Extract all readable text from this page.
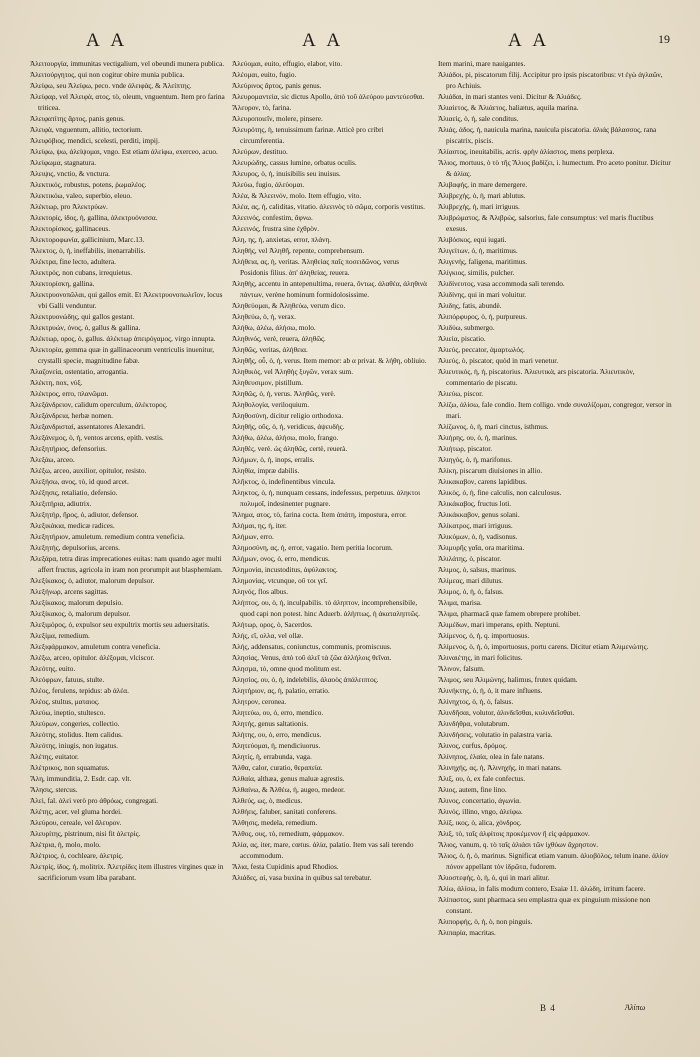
A A	A A	A A	19

Ἀλειτουργία, immunitas vectigalium, vel obeundi munera publica.

Ἀλειτούργητος, qui non cogitur obire munia publica.

Ἀλείφω, seu Ἀλείφω, peco. vnde ἀλειφὰς, & Ἀλείπτης.

Ἀλείφαρ, vel Ἀλειφὰ, ατος, τὸ, oleum, vnguentum. Item pro farina triticea.

Ἀλειφατίτης ἄρτος, panis genus.

Ἀλειφὰ, vnguentum, allitio, tectorium.

Ἀλειφόβιος, mendici, scelesti, perditi, impij.

Ἀλείφω, ψω, ἀλείψομαι, vngo. Est etiam ἀλείφω, exerceo, acuo.

Ἀλείφωμα, stagnatura.

Ἀλειψις, vnctio, & vnctura.

Ἀλεκτικός, robustus, potens, ῥωμαλέος.

Ἀλεκτικόω, valeo, superbio, eleuo.

Ἀλέκτωρ, pro Ἀλεκτρύων.

Ἀλεκτορίς, ίδος, ἡ, gallina, ἀλεκτρυόνισσα.

Ἀλεκτορίσκος, gallinaceus.

Ἀλεκτοροφωνία, gallicinium, Marc.13.

Ἄλεκτος, ὁ, ἡ, ineffabilis, inenarrabilis.

Ἀλέκτρα, fine lecto, adultera.

Ἀλεκτρός, non cubans, irrequietus.

Ἀλεκτορίσκη, gallina.

Ἀλεκτρυονοπῶλαι, qui gallos emit. Et Ἀλεκτρυονοπωλεῖον, locus vbi Galli venduntur.

Ἀλεκτρυονώδης, qui gallos gestant.

Ἀλεκτρυών, όνος, ὁ, gallus & gallina.

Ἀλέκτωρ, ορος, ὁ, gallus. ἀλέκτωρ ἀπειρόγαμος, virgo innupta.

Ἀλεκτορία, gemma quæ in gallinaceorum ventriculis inuenitur, crystalli specie, magnitudine fabæ.

Ἀλαζονεία, ostentatio, arrogantia.

Ἀλέκτη, nox, νύξ.

Ἀλέκτρος, erro, πλανῶμαι.

Ἀλεξάνδρειον, calidum operculum, ἀλέκτορος.

Ἀλεξάνδρεια, herbæ nomen.

Ἀλεξανδρισταί, assentatores Alexandri.

Ἀλεξάνεμος, ὁ, ἡ, ventos arcens, epith. vestis.

Ἀλεξητήριος, defensorius.

Ἀλεξάω, arceo.

Ἀλέξω, arceo, auxilior, opitulor, resisto.

Ἀλεξήσω, ανος, τὸ, id quod arcet.

Ἀλέξησις, retaliatio, defensio.

Ἀλεξιτήρια, adiutrix.

Ἀλεξητήρ, ῆρος, ὁ, adiutor, defensor.

Ἀλεξικάκια, medicæ radices.

Ἀλεξητήριον, amuletum. remedium contra veneficia.

Ἀλεξητής, depulsorius, arcens.

Ἀλεξάρα, tetra diras imprecationes euitas: nam quando ager multi affert fructus, agricola in iram non prorumpit aut blasphemiam.

Ἀλεξίκακος, ὁ, adiutor, malorum depulsor.

Ἀλεξήνωρ, arcens sagittas.

Ἀλεξίκακος, malorum depulsio.

Ἀλεξίκακος, ὁ, malorum depulsor.

Ἀλεξιμόρος, ὁ, expulsor seu expultrix mortis seu aduersitatis.

Ἀλεξίμα, remedium.

Ἀλεξιφάρμακον, amuletum contra veneficia.

Ἀλέξω, arceo, opitulor. ἀλέξομαι, vlciscor.

Ἀλεότης, euito.

Ἀλεόφρων, fatuus, stulte.

Ἀλέος, ferulens, tepidus: ab ἀλέα.

Ἀλέος, stultus, ματαιος.

Ἀλεύω, ineptio, stultesco.

Ἀλεύρων, congeries, collectio.

Ἀλεότης, stolidus. Item calidus.

Ἀλεότης, iniugis, non iugatus.

Ἀλέτης, euitator.

Ἀλέτρικος, non squamatus.

Ἄλη, immunditia, 2. Esdr. cap. vlt.

Ἄλησις, stercus.

Ἀλεὶ, fal. ἀλεὶ verò pro ἀθρόως, congregati.

Ἀλέτης, acer, vel gluma hordei.

Ἀλεύρου, cereale, vel ἄλευρον.

Ἀλευρίτης, pistrinum, nisi fit ἀλετρίς.

Ἀλέτρια, ἡ, molo, molo.

Ἀλέτριος, ὁ, cochleare, ἀλετρίς.

Ἀλετρίς, ίδος, ἡ, molitrix. Ἀλετρίδες item illustres virgines quæ in sacrificiorum vsum liba parabant.

Ἀλεύομαι, euito, effugio, elabor, vito.

Ἀλέομαι, euito, fugio.

Ἀλεύρινος ἄρτος, panis genus.

Ἀλευρομαντεία, sic dictus Apollo, ἀπὸ τοῦ ἀλεύρου μαντεύεσθαι.

Ἄλευρον, τὸ, farina.

Ἀλευροποιεῖν, molere, pinsere.

Ἀλευρότης, ἡ, tenuissimum farinæ. Atticè pro cribri circumferentia.

Ἀλεύρων, destituo.

Ἀλευρώδης, cassus lumine, orbatus oculis.

Ἀλευρος, ὁ, ἡ, inuisibilis seu inuisus.

Ἀλεύω, fugio, ἀλεύομαι.

Ἀλέα, & Ἀλεεινόν, molo. Item effugio, vito.

Ἀλέα, ας, ἡ, caliditas, vitatio. ἀλεεινὸς τὸ σῶμα, corporis vestitus.

Ἀλεεινός, confestim, ἄφνω.

Ἀλεεινός, frustra sine ἐχθρὸν.

Ἀλη, ης, ἡ, anxietas, error, πλάνη.

Ἀληθής, vel Ἀληθῆ, repente, comprehensum.

Ἀλήθεια, ας, ἡ, veritas. Ἀληθείας παῖς ποσειδῶνος, verus Posidonis filius. ἀπ' ἀληθείας, reuera.

Ἀληθὴς, accentu in antepenultima, reuera, ὄντως. ἀλαθέα, ἀληθινὰ πάντων, verène hominum formidolosissime.

Ἀληθεύομαι, & Ἀληθεύω, verum dico.

Ἀληθεύω, ὁ, ἡ, verax.

Ἀλήθω, ἀλέω, ἀλήσω, molo.

Ἀληθινός, verè, reuera, ἀληθῶς.

Ἀληθῶς, veritas, ἀλήθεια.

Ἀληθῆς, οὖ, ὁ, ἡ, verus. Item memor: ab α privat. & λήθη, obliuio.

Ἀληθικὸς, vel Ἀληθὴς ξυγῶν, verax sum.

Ἀληθευσιμον, pistillum.

Ἀληθῶς, ὁ, ἡ, verus. Ἀληθῶς, verè.

Ἀληθολογία, veriloquium.

Ἀληθοσύνη, dicitur religio orthodoxa.

Ἀληθής, οῦς, ὁ, ἡ, veridicus, ἀψευδὴς.

Ἀλήθω, ἀλέω, ἀλήσω, molo, frango.

Ἀληθὲς, verè. ὡς ἀληθῶς, certè, reuerà.

Ἀλήμων, ὁ, ἡ, inops, erralis.

Ἀληθία, impræ dabilis.

Ἀλῆκτος, ὁ, indefinentibus vincula.

Ἀληκτος, ὁ, ἡ, nunquam cessans, indefessus, perpetuus. ἀληκτοι πολυμοῖ, indesinenter pugnare.

Ἄλημα, ατος, τὸ, farina cocta. Item ἀπάτη, impostura, error.

Ἀλήμαι, ης, ἡ, iter.

Ἀλήμων, erro.

Ἀλημοσύνη, ας, ἡ, error, vagatio. Item peritia locorum.

Ἀλήμων, ονος, ὁ, erro, mendicus.

Ἀλημονία, incustoditus, ἀφύλακτος.

Ἀλημονίας, vtcunque, οὔ τοι γεῖ.

Ἀληνός, flos albus.

Ἀλήπτος, ου, ὁ, ἡ, inculpabilis. τὸ ἀληπτον, incomprehensibile, quod capi non potest. hinc Aduerb. ἀλήπτως, ἡ ἀκαταληπτῶς.

Ἀλήτωρ, ορος, ὁ, Sacerdos.

Ἀλής, εῖ, ολλα, vel ollæ.

Ἀλής, addensatus, coniunctus, communis, promiscuus.

Ἀλησίας, Venus, ἀπὸ τοῦ ἀλεῖ τὰ ζῶα ἀλλήλοις θεῖναι.

Ἀλησμα, τὸ, omne quod molitum est.

Ἀλησίος, ου, ὁ, ἡ, indelebilis, ἀλαοὸς ἀπάλειπτος.

Ἀλητήριον, ας, ἡ, palatio, erratio.

Ἀλητρον, ceronea.

Ἀλητεύω, ου, ὁ, erro, mendico.

Ἀλητής, genus saltationis.

Ἀλήτης, ου, ὁ, erro, mendicus.

Ἀλητεύομαι, ἡ, mendiciuorus.

Ἀλητίς, ἡ, errabunda, vaga.

Ἄλθα, calor, curatio, θεραπεία.

Ἀλθαία, althæa, genus maluæ agrestis.

Ἀλθαίνω, & Ἀλθέω, ἡ, augeo, medeor.

Ἀλθεύς, ως, ὁ, medicus.

Ἀλθήεις, faluber, sanitati conferens.

Ἄλθησις, medela, remedium.

Ἄλθος, ους, τὸ, remedium, φάρμακον.

Ἀλία, ας, iter, mare, cœtus. ἀλία, palatio. Item vas sali terendo accommodum.

Ἅλια, festa Cupidinis apud Rhodios.

Ἀλιάδες, αἱ, vasa buxina in quibus sal terebatur.

Item marini, mare nauigantes.

Ἁλιάδοι, pi, piscatorum filij. Accipitur pro ipsis piscatoribus: vt ἐγὼ ἀγλαῶν, pro Achiuis.

Ἁλιάδαι, in mari stantes veni. Dicitur & Ἁλιάδες.

Ἁλιαίετος, & Ἁλιάετος, haliætus, aquila marina.

Ἁλιαεὶς, ὁ, ἡ, sale conditus.

Ἀλιάς, ἀδος, ἡ, nauicula marina, nauicula piscatoria. ἀλιάς βάλασσος, rana piscatrix, piscis.

Ἁλίαστος, ineuitabilis, acris. φρὴν ἀλίαστος, mens perplexa.

Ἅλιος, mortuus, ὁ τὸ τῆς Ἅλιος βαδίζει, i. humectum. Pro aceto ponitur. Dicitur & ἀλίας.

Ἁλιβαφής, in mare demergere.

Ἁλιβρεχής, ὁ, ἡ, mari ablutus.

Ἁλιβρεχής, ἡ, mari irriguus.

Ἁλιβρώματος, & Ἁλιβρώς, salsorius, fale consumptus: vel maris fluctibus exesus.

Ἁλιβόσκος, equi iugati.

Ἁλιγείτων, ὁ, ἡ, maritimus.

Ἁλιγενής, faligena, maritimus.

Ἁλίγκιος, similis, pulcher.

Ἁλιδίνευτος, vasa accommoda sali terendo.

Ἁλιδίνης, qui in mari voluitur.

Ἀλιδης, fatis, abundè.

Ἁλιπόρφυρος, ὁ, ἡ, purpureus.

Ἁλιδύω, submergo.

Ἁλιεία, piscatio.

Ἁλιεύς, peccator, ἁμαρτωλός.

Ἁλιεύς, ὁ, piscator, quòd in mari venetur.

Ἁλιευτικός, ἡ, ἡ, piscatorius. Ἁλιευτικὰ, ars piscatoria. Ἁλιευτικὸν, commentario de piscatu.

Ἁλιεύω, piscor.

Ἁλίζω, ἁλίσω, fale condio. Item colligo. vnde συναλίζομαι, congregor, versor in mari.

Ἁλίζωνος, ὁ, ἡ, mari cinctus, isthmus.

Ἁλιήρης, ου, ὁ, ἡ, marinus.

Ἁλιήτωρ, piscator.

Ἁλιηγὸς, ὁ, ἡ, marifonus.

Ἀλίκη, piscarum diuisiones in allio.

Ἁλικακαβον, carens lapidibus.

Ἁλικὸς, ὁ, ἡ, fine calculis, non calculosus.

Ἀλικάκαβος, fructus loti.

Ἀλικάκκαβον, genus solani.

Ἁλίκατρος, mari irriguus.

Ἁλικύμων, ὁ, ἡ, vadisonus.

Ἁλιμυρῆς γαῖα, ora maritima.

Ἁλιλάτης, ὁ, piscator.

Ἀλιμος, ὁ, salsus, marinus.

Ἁλίμεας, mari dilutus.

Ἁλιμος, ὁ, ἡ, ὁ, falsus.

Ἄλιμα, marisa.

Ἄλιμα, pharmacā quæ famem obrepere prohibet.

Ἁλιμέδων, mari imperans, epith. Neptuni.

Ἁλίμενος, ὁ, ἡ, q. importuosus.

Ἀλίμενος, ὁ, ἡ, ὁ, importuosus, portu carens. Dicitur etiam Ἀλιμενώτης.

Ἁλιναιέτης, in mari folicitus.

Ἄλινον, falsum.

Ἄλιμος, seu Ἀλιμώνης, halimus, frutex quidam.

Ἁλινήκτης, ὁ, ἡ, ὁ, it mare influens.

Ἁλίνηχτος, ὁ, ἡ, ὁ, falsus.

Ἁλινδῆσαι, volutor, ἁλινδεῖσθαι, κυλινδεῖσθαι.

Ἀλινδήθρα, volutabrum.

Ἀλινδήσεις, volutatio in palæstra varia.

Ἁλινος, curfus, δρόμος.

Ἁλίνηπος, ἐλαία, olea in fale natans.

Ἁλινηχής, ας, ἡ, Ἁλινηχὴς, in mari natans.

Ἀλιξ, ου, ὁ, ex fale confectus.

Ἁλιος, autem, fine lino.

Ἀλινος, concertatio, ἀγωνία.

Ἁλινός, illino, vngo, ἀλείφω.

Ἁλίξ, ικος, ὁ, alica, χόνδρος.

Ἁλιξ, τὸ, ταῖς ἀλφίτοις προκέμενον ἢ εἰς φάρμακον.

Ἅλιος, vanum, q. τὸ ταῖς ἁλιάσι τῶν ἰχθύων ἄχρηστον.

Ἅλιος, ὁ, ἡ, ὁ, marinus. Significat etiam vanum. ἁλιοβόλος, telum inane. ἁλίον πόνον appellant τὸν ἱδρῶτα, fudorem.

Ἁλιοστεφής, ὁ, ἡ, ὁ, qui in mari alitur.

Ἁλίω, ἁλίσω, in falis modum contero, Esaiæ 11. ἀλώδη, irritum facere.

Ἁλίπαστος, sunt pharmaca seu emplastra quæ ex pinguium missione non constant.

Ἁλιπορφής, ὁ, ἡ, ὁ, non pinguis.

Ἀλιπαρία, macritas.

B 4	Ἀλίπω
